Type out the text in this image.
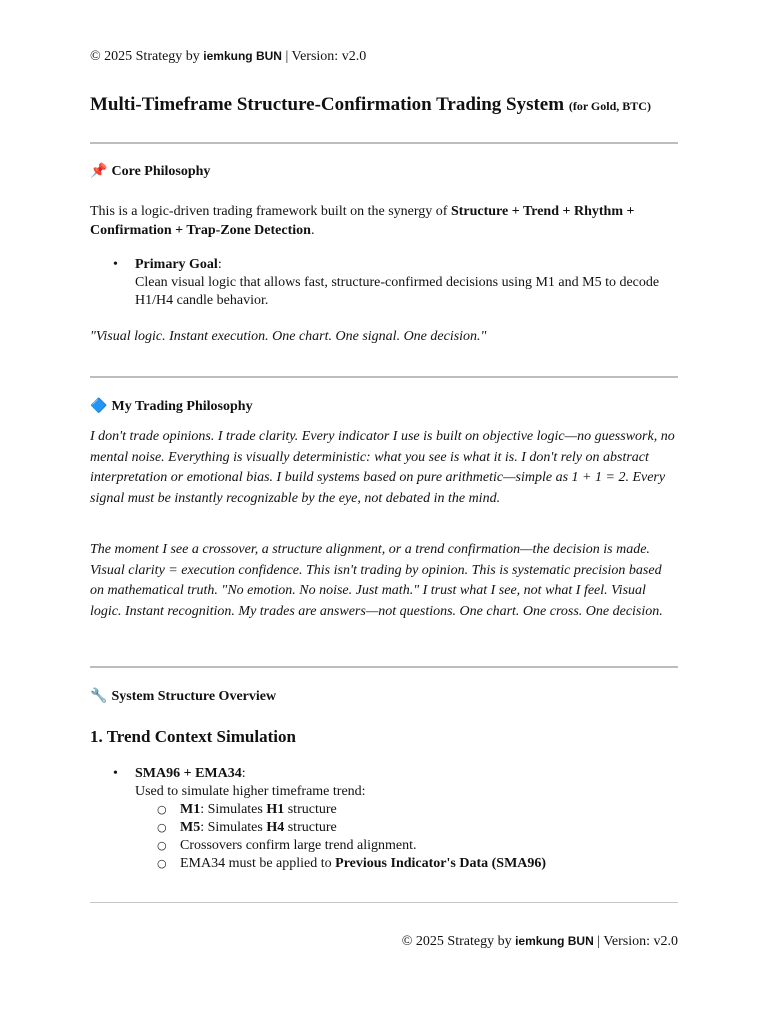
© 2025 Strategy by iemkung BUN | Version: v2.0
Multi-Timeframe Structure-Confirmation Trading System (for Gold, BTC)
📌 Core Philosophy
This is a logic-driven trading framework built on the synergy of Structure + Trend + Rhythm + Confirmation + Trap-Zone Detection.
• Primary Goal:
Clean visual logic that allows fast, structure-confirmed decisions using M1 and M5 to decode H1/H4 candle behavior.
"Visual logic. Instant execution. One chart. One signal. One decision."
🔷 My Trading Philosophy
I don't trade opinions. I trade clarity. Every indicator I use is built on objective logic—no guesswork, no mental noise. Everything is visually deterministic: what you see is what it is. I don't rely on abstract interpretation or emotional bias. I build systems based on pure arithmetic—simple as 1 + 1 = 2. Every signal must be instantly recognizable by the eye, not debated in the mind.
The moment I see a crossover, a structure alignment, or a trend confirmation—the decision is made. Visual clarity = execution confidence. This isn't trading by opinion. This is systematic precision based on mathematical truth. "No emotion. No noise. Just math." I trust what I see, not what I feel. Visual logic. Instant recognition. My trades are answers—not questions. One chart. One cross. One decision.
🔧 System Structure Overview
1. Trend Context Simulation
• SMA96 + EMA34:
Used to simulate higher timeframe trend:
○ M1: Simulates H1 structure
○ M5: Simulates H4 structure
○ Crossovers confirm large trend alignment.
○ EMA34 must be applied to Previous Indicator's Data (SMA96)
© 2025 Strategy by iemkung BUN | Version: v2.0
